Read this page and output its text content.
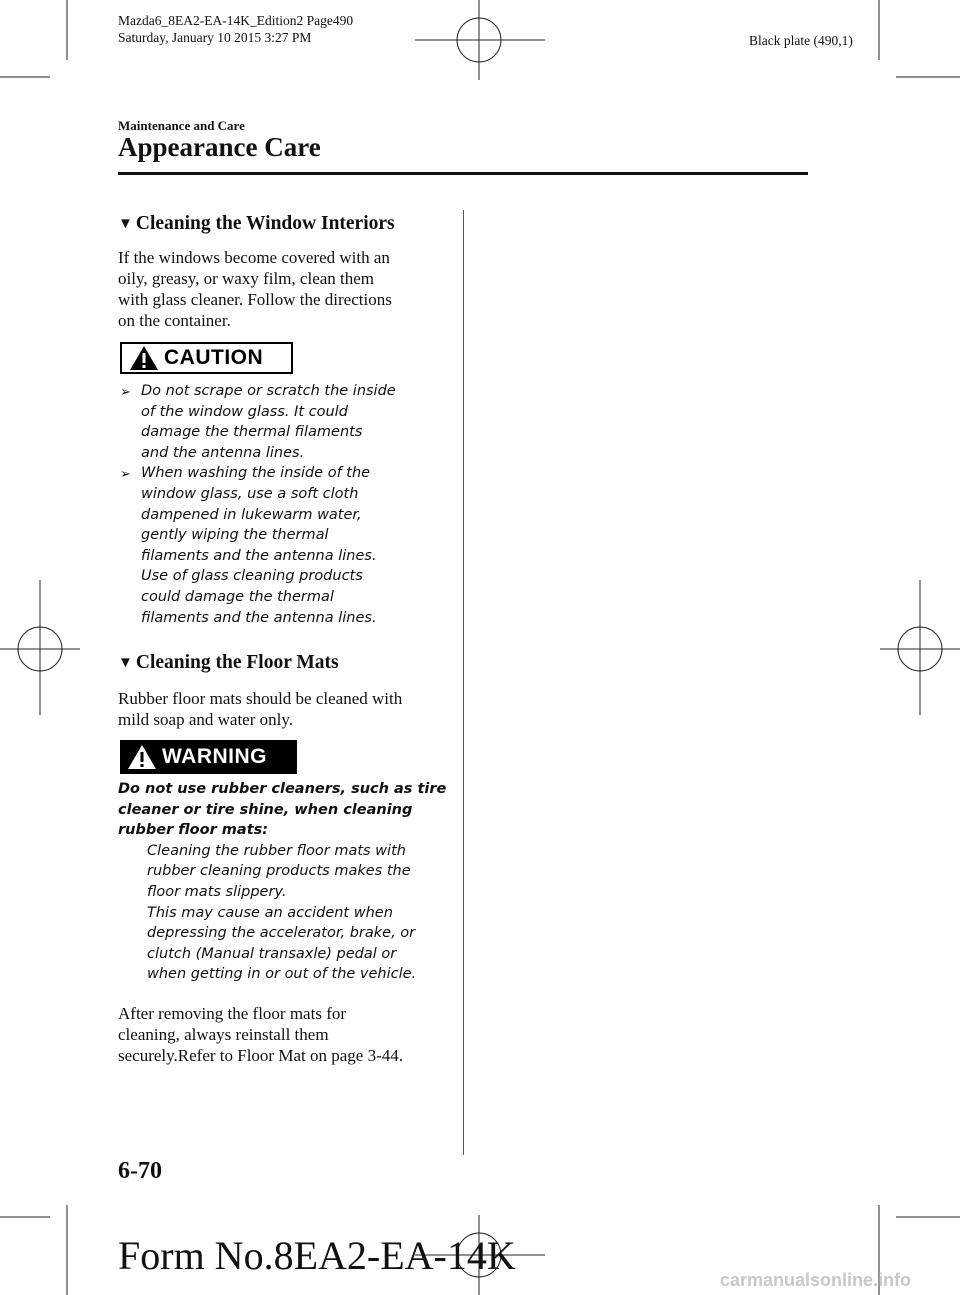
Mazda6_8EA2-EA-14K_Edition2 Page490
Saturday, January 10 2015 3:27 PM	Black plate (490,1)
Maintenance and Care
Appearance Care
▼ Cleaning the Window Interiors

If the windows become covered with an
oily, greasy, or waxy film, clean them
with glass cleaner. Follow the directions
on the container.

CAUTION
➢ Do not scrape or scratch the inside
of the window glass. It could
damage the thermal filaments
and the antenna lines.
➢ When washing the inside of the
window glass, use a soft cloth
dampened in lukewarm water,
gently wiping the thermal
filaments and the antenna lines.
Use of glass cleaning products
could damage the thermal
filaments and the antenna lines.
▼ Cleaning the Floor Mats

Rubber floor mats should be cleaned with
mild soap and water only.

WARNING
Do not use rubber cleaners, such as tire
cleaner or tire shine, when cleaning
rubber floor mats:
Cleaning the rubber floor mats with
rubber cleaning products makes the
floor mats slippery.
This may cause an accident when
depressing the accelerator, brake, or
clutch (Manual transaxle) pedal or
when getting in or out of the vehicle.

After removing the floor mats for
cleaning, always reinstall them
securely.Refer to Floor Mat on page 3-44.

6-70
Form No.8EA2-EA-14K
carmanualsonline.info
